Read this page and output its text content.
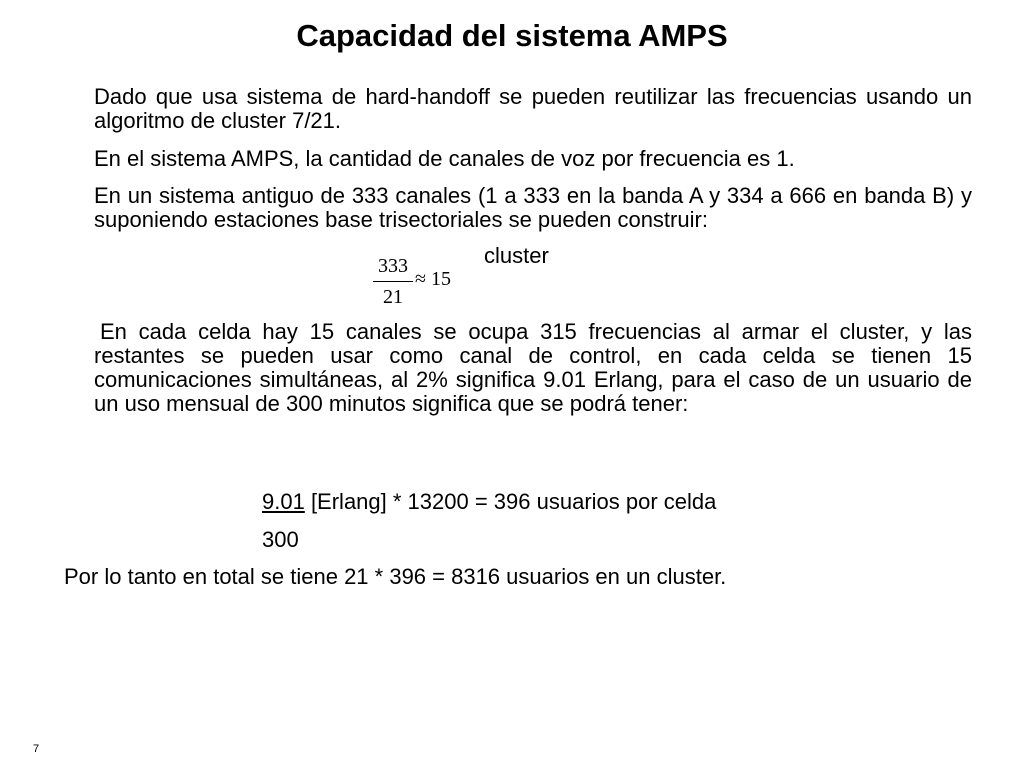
Capacidad del sistema AMPS

Dado que usa sistema de hard-handoff se pueden reutilizar las frecuencias usando un algoritmo de cluster 7/21.

En el sistema AMPS, la cantidad de canales de voz por frecuencia es 1.

En un sistema antiguo de 333 canales (1 a 333 en la banda A y 334 a 666 en banda B) y suponiendo estaciones base trisectoriales se pueden construir:

333
21
≈ 15
cluster

En cada celda hay 15 canales se ocupa 315 frecuencias al armar el cluster, y las restantes se pueden usar como canal de control, en cada celda se tienen 15 comunicaciones simultáneas, al 2% significa 9.01 Erlang, para el caso de un usuario de un uso mensual de 300 minutos significa que se podrá tener:

9.01 [Erlang] * 13200 = 396 usuarios por celda
300
Por lo tanto en total se tiene 21 * 396 = 8316 usuarios en un cluster.
7
